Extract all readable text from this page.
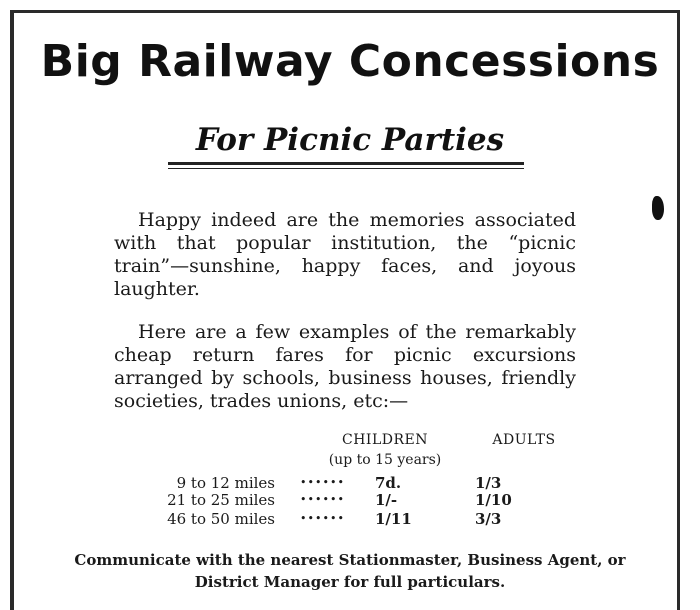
Big Railway Concessions
For Picnic Parties

Happy indeed are the memories associated with that popular institution, the “picnic train”—sunshine, happy faces, and joyous laughter.

Here are a few examples of the remarkably cheap return fares for picnic excursions arranged by schools, business houses, friendly societies, trades unions, etc:—

CHILDREN
(up to 15 years)
ADULTS
9 to 12 miles ••••••	7d.	1/3
21 to 25 miles ••••••	1/-	1/10
46 to 50 miles ••••••	1/11	3/3
Communicate with the nearest Stationmaster, Business Agent, or
District Manager for full particulars.
